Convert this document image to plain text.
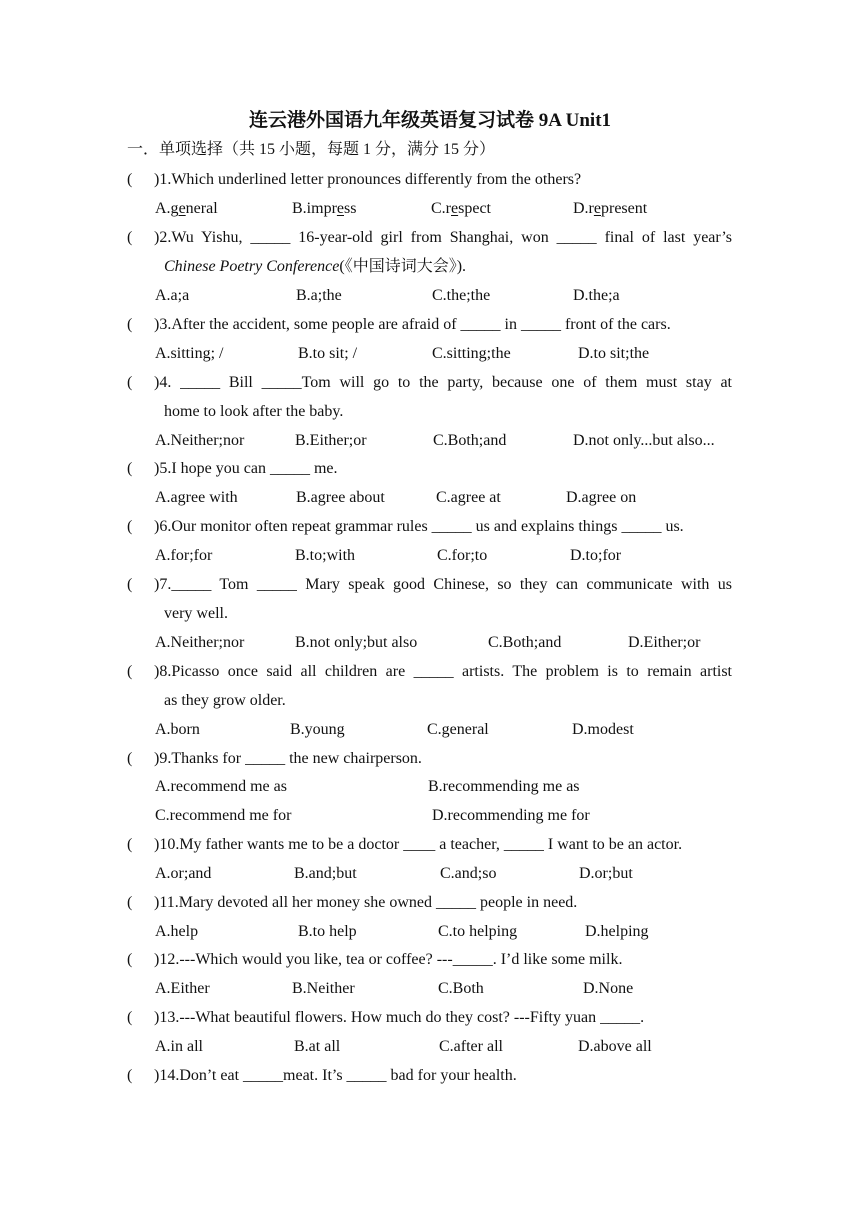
连云港外国语九年级英语复习试卷 9A Unit1
一．单项选择（共 15 小题，每题 1 分，满分 15 分）
( )1.Which underlined letter pronounces differently from the others?
A.general	B.impress	C.respect	D.represent
( )2.Wu Yishu, _____ 16-year-old girl from Shanghai, won _____ final of last year’s
Chinese Poetry Conference(《中国诗词大会》).
A.a;a	B.a;the	C.the;the	D.the;a
( )3.After the accident, some people are afraid of _____ in _____ front of the cars.
A.sitting; /	B.to sit; /	C.sitting;the	D.to sit;the
( )4. _____ Bill _____Tom will go to the party, because one of them must stay at
home to look after the baby.
A.Neither;nor	B.Either;or	C.Both;and	D.not only...but also...
( )5.I hope you can _____ me.
A.agree with	B.agree about	C.agree at	D.agree on
( )6.Our monitor often repeat grammar rules _____ us and explains things _____ us.
A.for;for	B.to;with	C.for;to	D.to;for
( )7._____ Tom _____ Mary speak good Chinese, so they can communicate with us
very well.
A.Neither;nor	B.not only;but also	C.Both;and	D.Either;or
( )8.Picasso once said all children are _____ artists. The problem is to remain artist
as they grow older.
A.born	B.young	C.general	D.modest
( )9.Thanks for _____ the new chairperson.
A.recommend me as	B.recommending me as
C.recommend me for	D.recommending me for
( )10.My father wants me to be a doctor ____ a teacher, _____ I want to be an actor.
A.or;and	B.and;but	C.and;so	D.or;but
( )11.Mary devoted all her money she owned _____ people in need.
A.help	B.to help	C.to helping	D.helping
( )12.---Which would you like, tea or coffee? ---_____. I’d like some milk.
A.Either	B.Neither	C.Both	D.None
( )13.---What beautiful flowers. How much do they cost? ---Fifty yuan _____.
A.in all	B.at all	C.after all	D.above all
( )14.Don’t eat _____meat. It’s _____ bad for your health.
